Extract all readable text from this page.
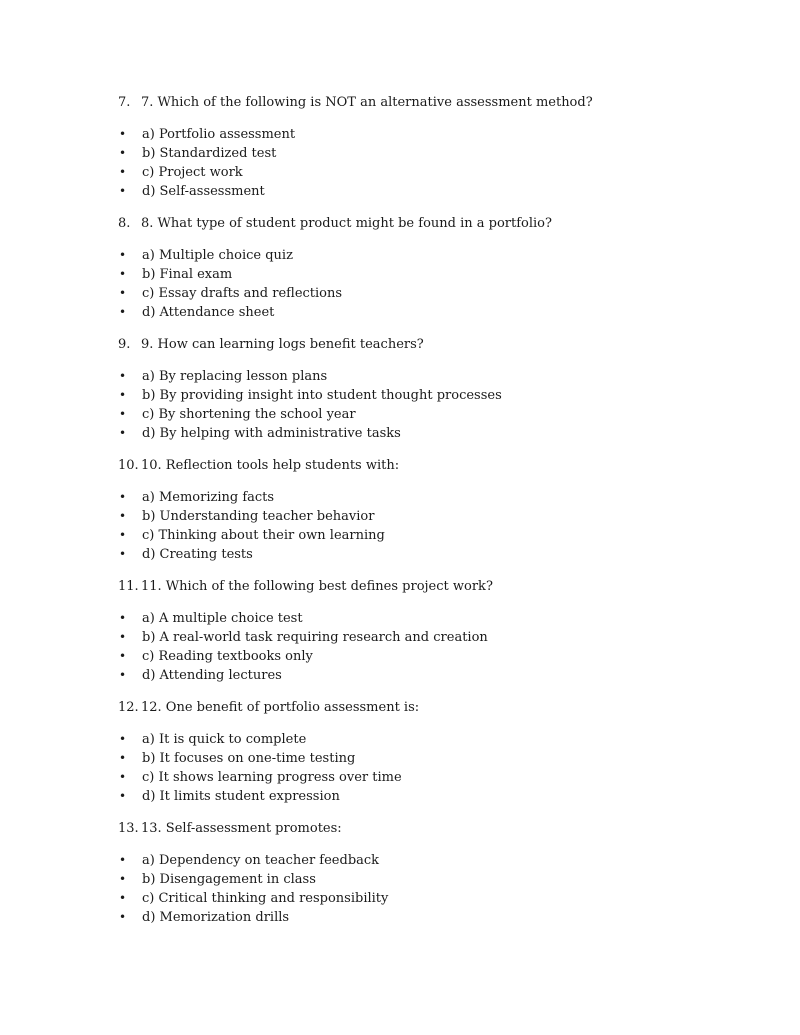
7. 7. Which of the following is NOT an alternative assessment method?
•	a) Portfolio assessment
•	b) Standardized test
•	c) Project work
•	d) Self-assessment
8. 8. What type of student product might be found in a portfolio?
•	a) Multiple choice quiz
•	b) Final exam
•	c) Essay drafts and reflections
•	d) Attendance sheet
9. 9. How can learning logs benefit teachers?
•	a) By replacing lesson plans
•	b) By providing insight into student thought processes
•	c) By shortening the school year
•	d) By helping with administrative tasks
10. 10. Reflection tools help students with:
•	a) Memorizing facts
•	b) Understanding teacher behavior
•	c) Thinking about their own learning
•	d) Creating tests
11. 11. Which of the following best defines project work?
•	a) A multiple choice test
•	b) A real-world task requiring research and creation
•	c) Reading textbooks only
•	d) Attending lectures
12. 12. One benefit of portfolio assessment is:
•	a) It is quick to complete
•	b) It focuses on one-time testing
•	c) It shows learning progress over time
•	d) It limits student expression
13. 13. Self-assessment promotes:
•	a) Dependency on teacher feedback
•	b) Disengagement in class
•	c) Critical thinking and responsibility
•	d) Memorization drills
